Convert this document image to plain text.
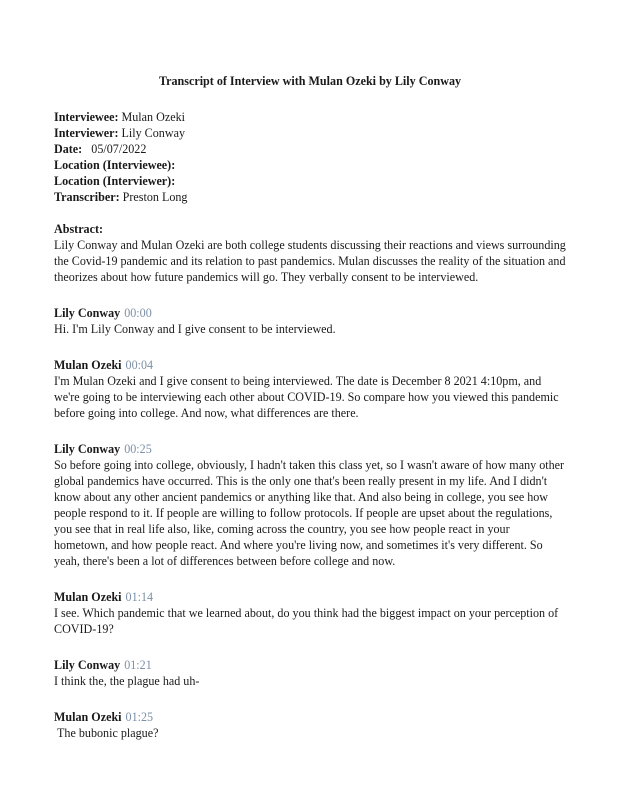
Transcript of Interview with Mulan Ozeki by Lily Conway
Interviewee: Mulan Ozeki
Interviewer: Lily Conway
Date: 05/07/2022
Location (Interviewee):
Location (Interviewer):
Transcriber: Preston Long
Abstract:

Lily Conway and Mulan Ozeki are both college students discussing their reactions and views surrounding the Covid-19 pandemic and its relation to past pandemics. Mulan discusses the reality of the situation and theorizes about how future pandemics will go. They verbally consent to be interviewed.

Lily Conway 00:00

Hi. I'm Lily Conway and I give consent to be interviewed.

Mulan Ozeki 00:04

I'm Mulan Ozeki and I give consent to being interviewed. The date is December 8 2021 4:10pm, and we're going to be interviewing each other about COVID-19. So compare how you viewed this pandemic before going into college. And now, what differences are there.

Lily Conway 00:25

So before going into college, obviously, I hadn't taken this class yet, so I wasn't aware of how many other global pandemics have occurred. This is the only one that's been really present in my life. And I didn't know about any other ancient pandemics or anything like that. And also being in college, you see how people respond to it. If people are willing to follow protocols. If people are upset about the regulations, you see that in real life also, like, coming across the country, you see how people react in your hometown, and how people react. And where you're living now, and sometimes it's very different. So yeah, there's been a lot of differences between before college and now.

Mulan Ozeki 01:14

I see. Which pandemic that we learned about, do you think had the biggest impact on your perception of COVID-19?

Lily Conway 01:21

I think the, the plague had uh-

Mulan Ozeki 01:25

The bubonic plague?
